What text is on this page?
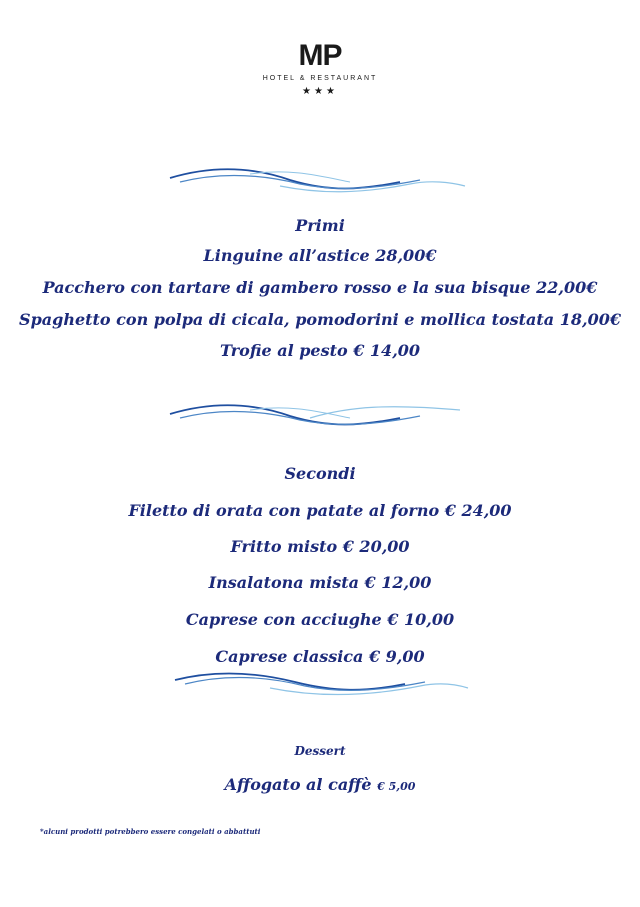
MP
HOTEL & RESTAURANT
★★★
Primi
Linguine all’astice 28,00€
Pacchero con tartare di gambero rosso e la sua bisque 22,00€
Spaghetto con polpa di cicala, pomodorini e mollica tostata 18,00€
Trofie al pesto € 14,00
Secondi
Filetto di orata con patate al forno € 24,00
Fritto misto € 20,00
Insalatona mista € 12,00
Caprese con acciughe € 10,00
Caprese classica € 9,00
Dessert
Affogato al caffè € 5,00
*alcuni prodotti potrebbero essere congelati o abbattuti
